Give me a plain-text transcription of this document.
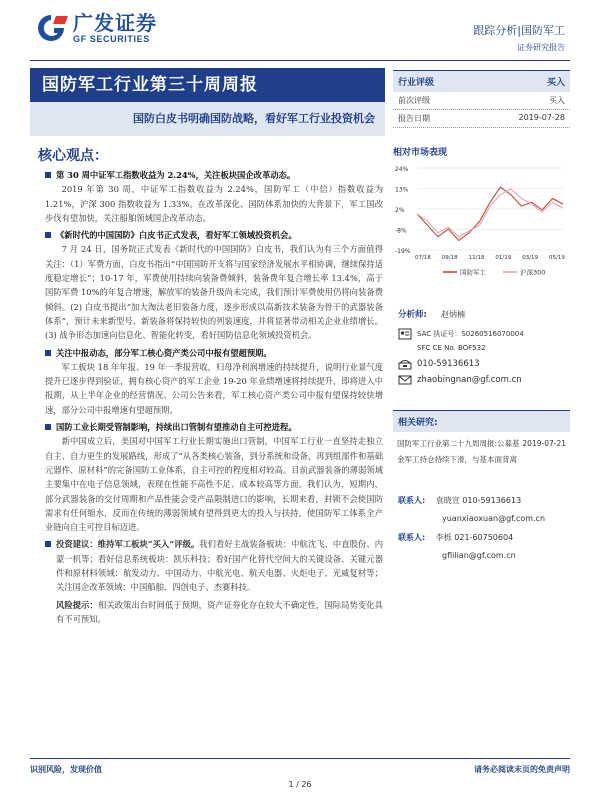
广发证券
GF SECURITIES
跟踪分析|国防军工
证券研究报告
国防军工行业第三十周周报
国防白皮书明确国防战略，看好军工行业投资机会
行业评级	买入
前次评级	买入
报告日期	2019-07-28
核心观点：
第 30 周中证军工指数收益为 2.24%，关注板块国企改革动态。
2019 年第 30 周，中证军工指数收益为 2.24%，国防军工（中信）指数收益为 1.21%，沪深 300 指数收益为 1.33%。在改革深化、国防体系加快的大背景下，军工国改步伐有望加快，关注船舶领域国企改革动态。
《新时代的中国国防》白皮书正式发表，看好军工领域投资机会。
7 月 24 日，国务院正式发表《新时代的中国国防》白皮书，我们认为有三个方面值得关注：（1）军费方面，白皮书指出“中国国防开支将与国家经济发展水平相协调，继续保持适度稳定增长”；10-17 年，军费使用持续向装备费倾斜，装备费年复合增长率 13.4%，高于国防军费 10%的年复合增速，解放军的装备升级尚未完成，我们预计军费使用仍将向装备费倾斜。(2) 白皮书提出“加大淘汰老旧装备力度，逐步形成以高新技术装备为骨干的武器装备体系”，预计未来新型号、新装备将保持较快的列装速度，并将显著带动相关企业业绩增长。(3) 战争形态加速向信息化、智能化转变，看好国防信息化领域投资机会。
关注中报动态，部分军工核心资产类公司中报有望超预期。
军工板块 18 年年报、19 年一季报营收，归母净利润增速的持续提升，说明行业景气度提升已逐步得到验证，拥有核心资产的军工企业 19-20 年业绩增速将持续提升，即将进入中报期，从上半年企业的经营情况、公司公告来看，军工核心资产类公司中报有望保持较快增速，部分公司中报增速有望超预期。
国防工业长期受管制影响，持续出口管制有望推动自主可控进程。
新中国成立后，美国对中国军工行业长期实施出口管制，中国军工行业一直坚持走独立自主、自力更生的发展路线，形成了“从各类核心装备，到分系统和设备，再到组部件和基础元器件、原材料”的完备国防工业体系，自主可控的程度相对较高。目前武器装备的薄弱领域主要集中在电子信息领域，表现在性能不高性不足、成本较高等方面。我们认为，短期内，部分武器装备的交付周期和产品性能会受产品限制进口的影响，长期来看，封锁不会使国防需求有任何缩水，反而在传统的薄弱领域有望得到更大的投入与扶持，使国防军工体系全产业链向自主可控目标迈进。
投资建议：维持军工板块“买入”评级。我们看好主战装备板块：中航沈飞、中直股份、内蒙一机等；看好信息系统板块：凯乐科技；看好国产化替代空间大的关键设备、关键元器件和原材料领域：航发动力、中国动力、中航光电、航天电器、火炬电子、光威复材等；关注国企改革领域：中国船舶、四创电子、杰赛科技。
风险提示：相关政策出台时间低于预期，资产证券化存在较大不确定性，国际局势变化具有不可预知。
相对市场表现
24%
13%
2%
-8%
-19%
07/18 09/18 11/18 01/19 03/19 05/19
国防军工	沪深300
分析师: 赵炳楠
SAC 执证号：S0260516070004
SFC CE No. BOF532
010-59136613
zhaobingnan@gf.com.cn
相关研究:
国防军工行业第二十九周周报:公募基金军工持仓持续下滑，与基本面背离
2019-07-21
联系人: 袁晓宣 010-59136613
yuanxiaoxuan@gf.com.cn
联系人: 李栎 021-60750604
gflilian@gf.com.cn
识别风险，发现价值	请务必阅读末页的免责声明
1 / 26
